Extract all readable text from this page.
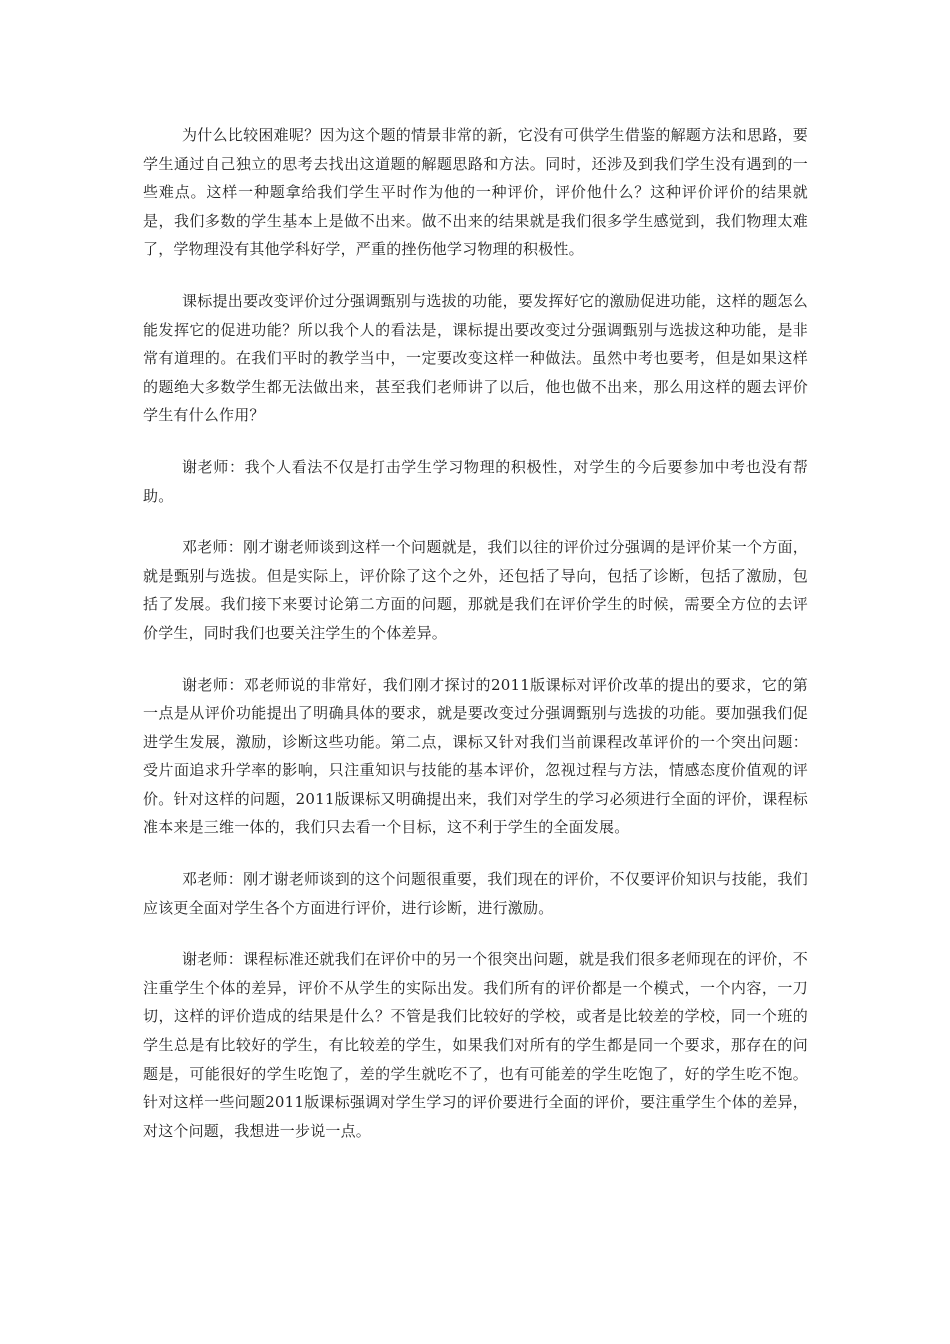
为什么比较困难呢？因为这个题的情景非常的新，它没有可供学生借鉴的解题方法和思路，要学生通过自己独立的思考去找出这道题的解题思路和方法。同时，还涉及到我们学生没有遇到的一些难点。这样一种题拿给我们学生平时作为他的一种评价，评价他什么？这种评价评价的结果就是，我们多数的学生基本上是做不出来。做不出来的结果就是我们很多学生感觉到，我们物理太难了，学物理没有其他学科好学，严重的挫伤他学习物理的积极性。

课标提出要改变评价过分强调甄别与选拔的功能，要发挥好它的激励促进功能，这样的题怎么能发挥它的促进功能？所以我个人的看法是，课标提出要改变过分强调甄别与选拔这种功能，是非常有道理的。在我们平时的教学当中，一定要改变这样一种做法。虽然中考也要考，但是如果这样的题绝大多数学生都无法做出来，甚至我们老师讲了以后，他也做不出来，那么用这样的题去评价学生有什么作用？

谢老师：我个人看法不仅是打击学生学习物理的积极性，对学生的今后要参加中考也没有帮助。

邓老师：刚才谢老师谈到这样一个问题就是，我们以往的评价过分强调的是评价某一个方面，就是甄别与选拔。但是实际上，评价除了这个之外，还包括了导向，包括了诊断，包括了激励，包括了发展。我们接下来要讨论第二方面的问题，那就是我们在评价学生的时候，需要全方位的去评价学生，同时我们也要关注学生的个体差异。

谢老师：邓老师说的非常好，我们刚才探讨的2011版课标对评价改革的提出的要求，它的第一点是从评价功能提出了明确具体的要求，就是要改变过分强调甄别与选拔的功能。要加强我们促进学生发展，激励，诊断这些功能。第二点，课标又针对我们当前课程改革评价的一个突出问题：受片面追求升学率的影响，只注重知识与技能的基本评价，忽视过程与方法，情感态度价值观的评价。针对这样的问题，2011版课标又明确提出来，我们对学生的学习必须进行全面的评价，课程标准本来是三维一体的，我们只去看一个目标，这不利于学生的全面发展。

邓老师：刚才谢老师谈到的这个问题很重要，我们现在的评价，不仅要评价知识与技能，我们应该更全面对学生各个方面进行评价，进行诊断，进行激励。

谢老师：课程标准还就我们在评价中的另一个很突出问题，就是我们很多老师现在的评价，不注重学生个体的差异，评价不从学生的实际出发。我们所有的评价都是一个模式，一个内容，一刀切，这样的评价造成的结果是什么？不管是我们比较好的学校，或者是比较差的学校，同一个班的学生总是有比较好的学生，有比较差的学生，如果我们对所有的学生都是同一个要求，那存在的问题是，可能很好的学生吃饱了，差的学生就吃不了，也有可能差的学生吃饱了，好的学生吃不饱。针对这样一些问题2011版课标强调对学生学习的评价要进行全面的评价，要注重学生个体的差异，对这个问题，我想进一步说一点。
